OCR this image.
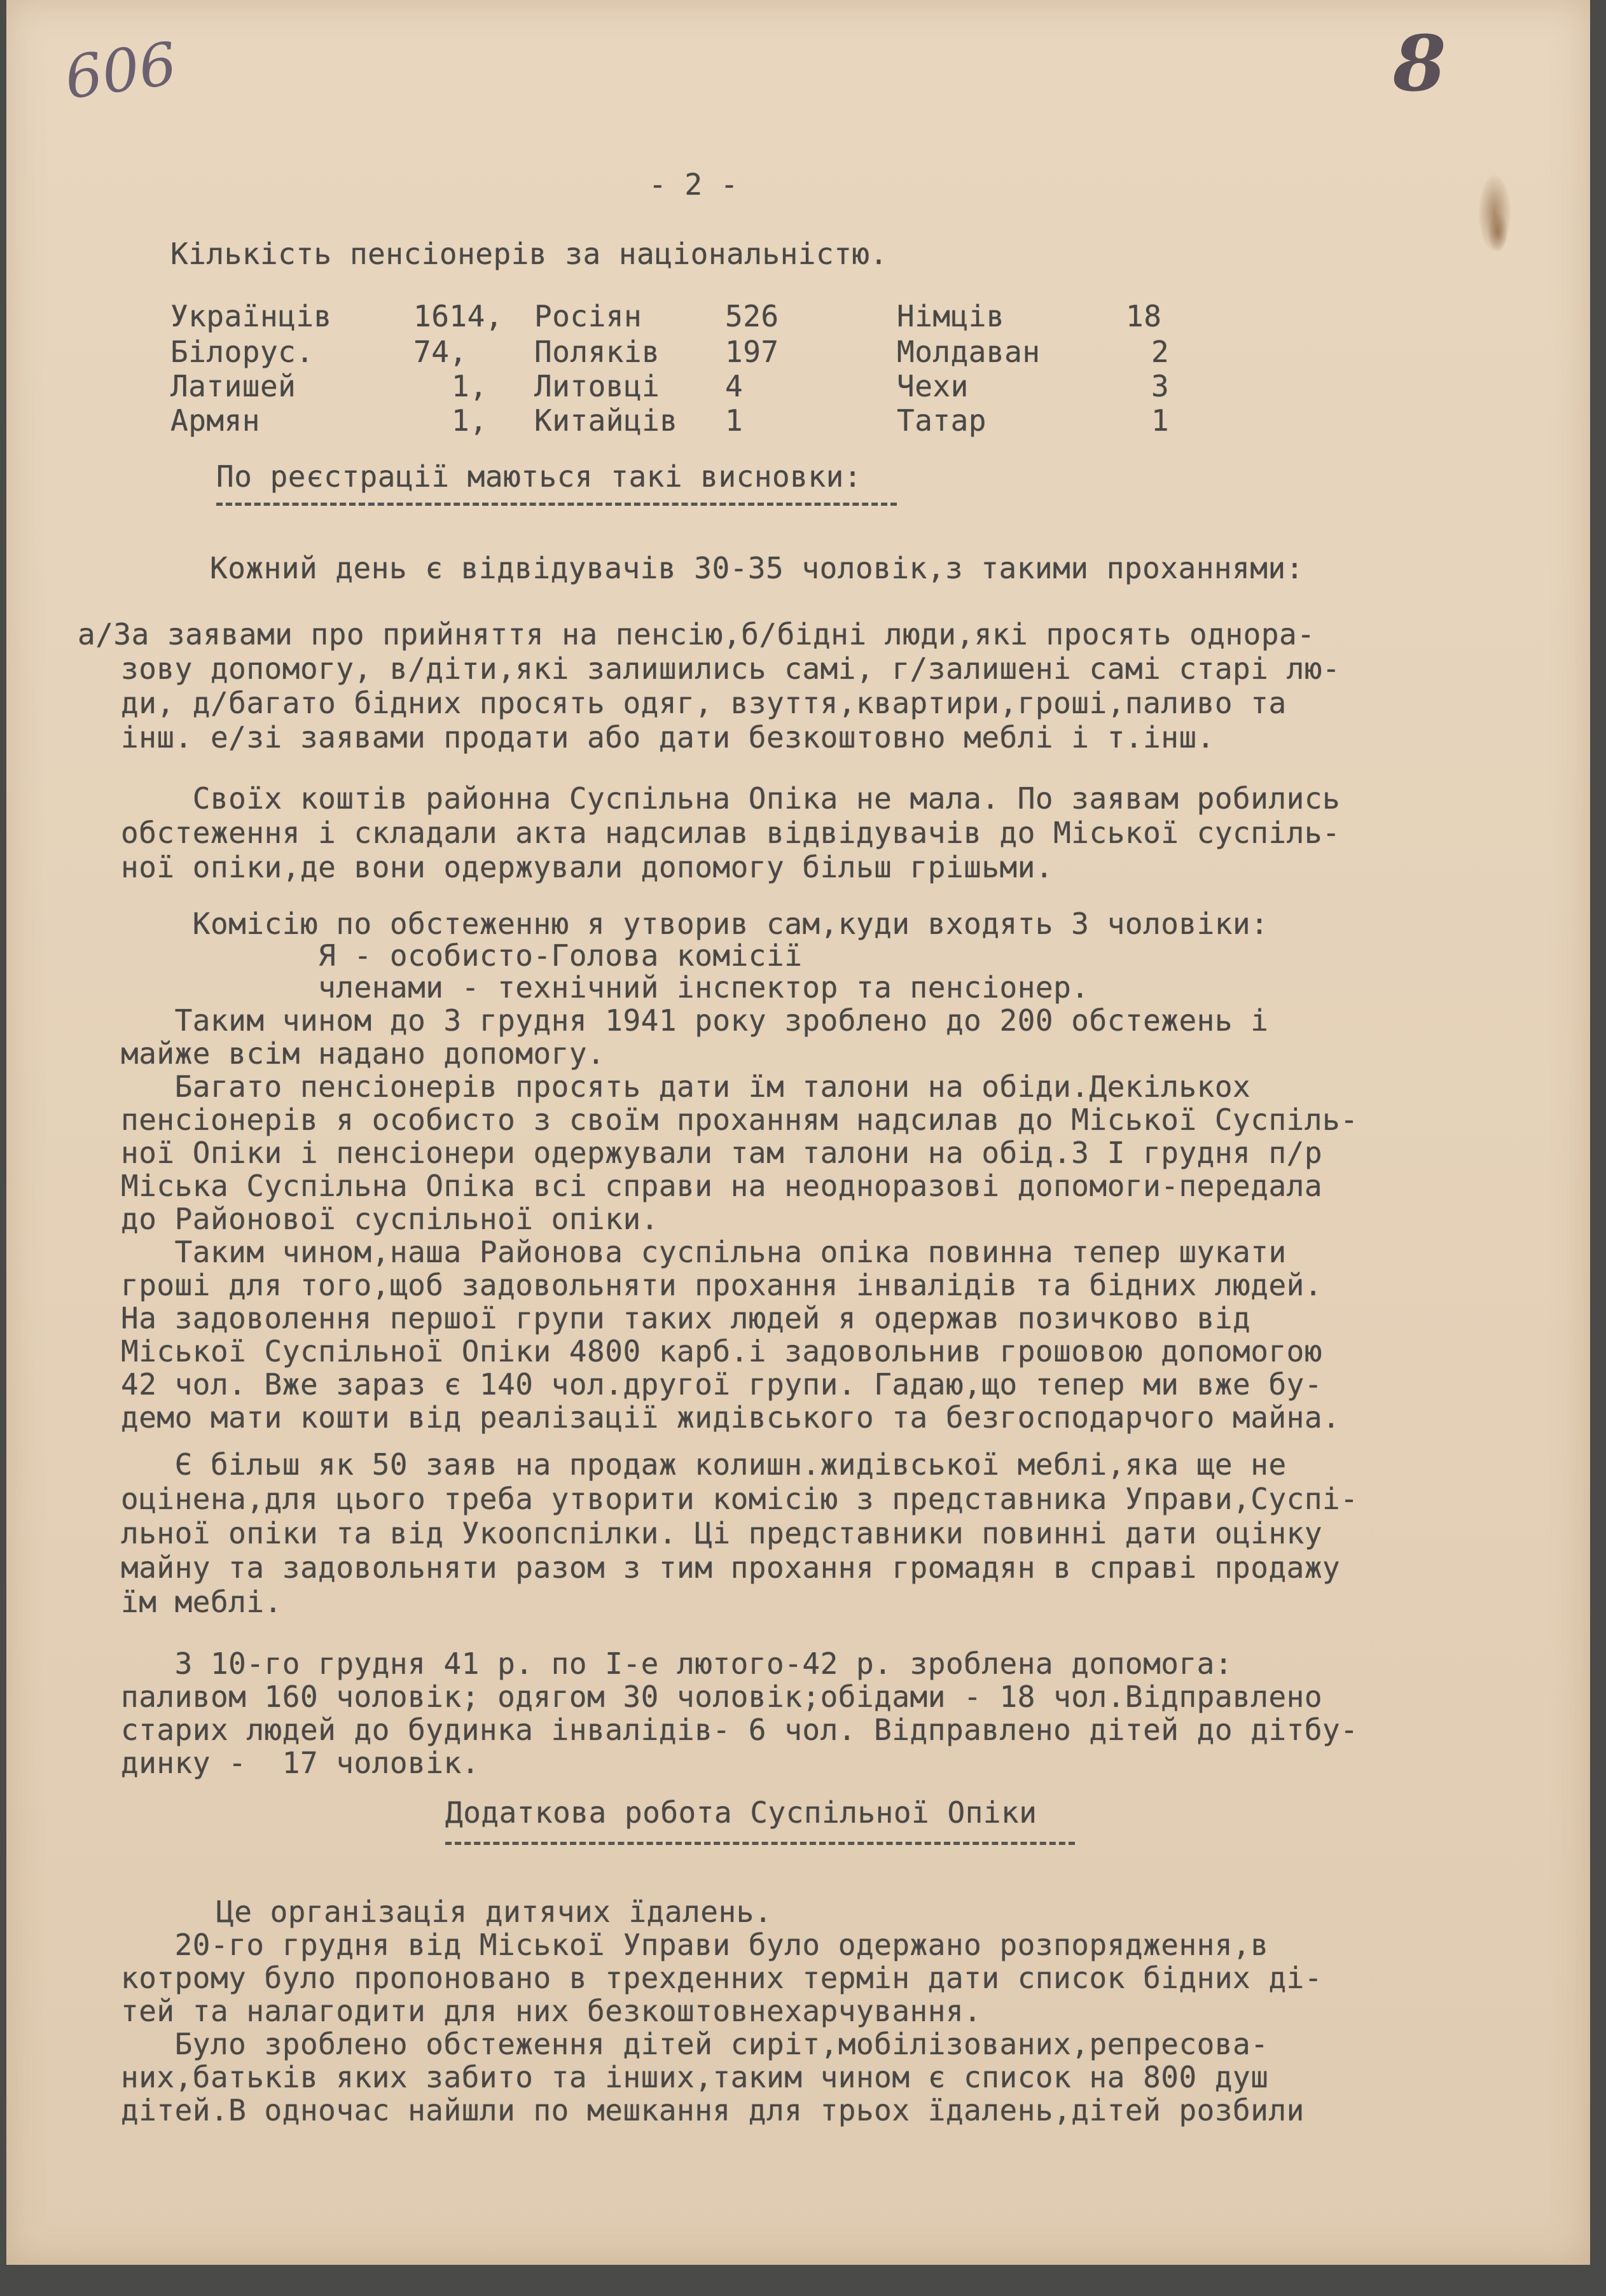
606	8
- 2 -
Кількість пенсіонерів за національністю.
Українців	1614, Росіян	526	Німців	18
Білорус.	74, Поляків 197	Молдаван	2
Латишей	1, Литовці 4	Чехи	3
Армян	1, Китайців 1	Татар	1
По реєстрації маються такі висновки:
Кожний день є відвідувачів 30-35 чоловік,з такими проханнями:
а/За заявами про прийняття на пенсію,б/бідні люди,які просять однора-
зову допомогу, в/діти,які залишились самі, г/залишені самі старі лю-
ди, д/багато бідних просять одяг, взуття,квартири,гроші,паливо та
інш. е/зі заявами продати або дати безкоштовно меблі і т.інш.
Своїх коштів районна Суспільна Опіка не мала. По заявам робились
обстеження і складали акта надсилав відвідувачів до Міської суспіль-
ної опіки,де вони одержували допомогу більш грішьми.
Комісію по обстеженню я утворив сам,куди входять 3 чоловіки:
Я - особисто-Голова комісії
членами - технічний інспектор та пенсіонер.
Таким чином до 3 грудня 1941 року зроблено до 200 обстежень і
майже всім надано допомогу.
Багато пенсіонерів просять дати їм талони на обіди.Декількох
пенсіонерів я особисто з своїм проханням надсилав до Міської Суспіль-
ної Опіки і пенсіонери одержували там талони на обід.З I грудня п/р
Міська Суспільна Опіка всі справи на неодноразові допомоги-передала
до Районової суспільної опіки.
Таким чином,наша Районова суспільна опіка повинна тепер шукати
гроші для того,щоб задовольняти прохання інвалідів та бідних людей.
На задоволення першої групи таких людей я одержав позичково від
Міської Суспільної Опіки 4800 карб.і задовольнив грошовою допомогою
42 чол. Вже зараз є 140 чол.другої групи. Гадаю,що тепер ми вже бу-
демо мати кошти від реалізації жидівського та безгосподарчого майна.
Є більш як 50 заяв на продаж колишн.жидівської меблі,яка ще не
оцінена,для цього треба утворити комісію з представника Управи,Суспі-
льної опіки та від Укоопспілки. Ці представники повинні дати оцінку
майну та задовольняти разом з тим прохання громадян в справі продажу
їм меблі.
З 10-го грудня 41 р. по I-е лютого-42 р. зроблена допомога:
паливом 160 чоловік; одягом 30 чоловік;обідами - 18 чол.Відправлено
старих людей до будинка інвалідів- 6 чол. Відправлено дітей до дітбу-
динку -  17 чоловік.
Додаткова робота Суспільної Опіки
Це організація дитячих їдалень.
20-го грудня від Міської Управи було одержано розпорядження,в
котрому було пропоновано в трехденних термін дати список бідних ді-
тей та налагодити для них безкоштовнехарчування.
Було зроблено обстеження дітей сиріт,мобілізованих,репресова-
них,батьків яких забито та інших,таким чином є список на 800 душ
дітей.В одночас найшли по мешкання для трьох їдалень,дітей розбили
